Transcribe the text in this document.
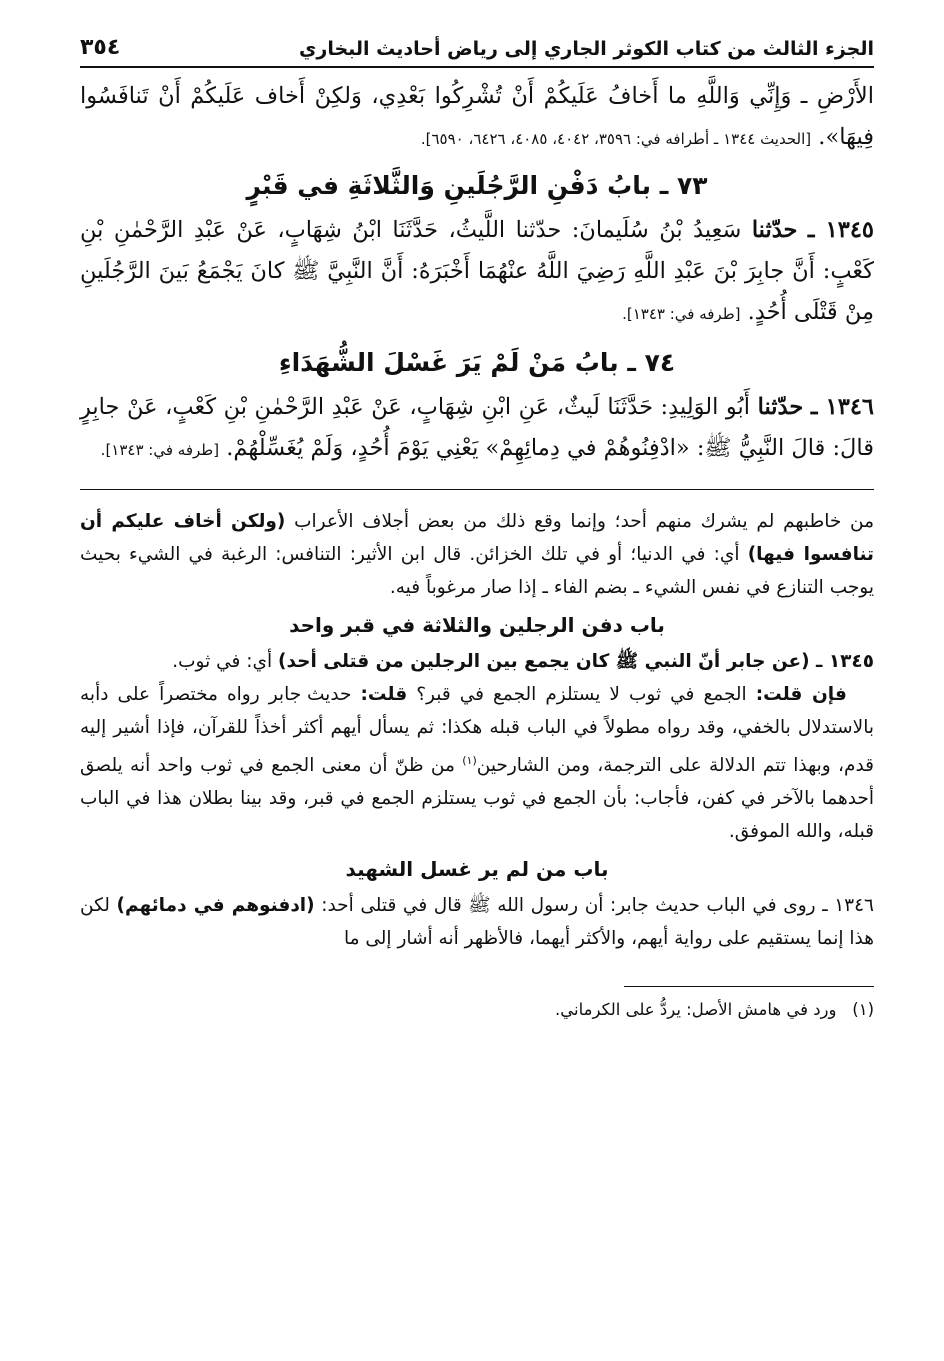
الجزء الثالث من كتاب الكوثر الجاري إلى رياض أحاديث البخاري
٣٥٤

الأَرْضِ ـ وَإِنِّي وَاللَّهِ ما أَخافُ عَلَيكُمْ أَنْ تُشْرِكُوا بَعْدِي، وَلكِنْ أَخاف عَلَيكُمْ أَنْ تَنافَسُوا فِيهَا». [الحديث ١٣٤٤ ـ أطرافه في: ٣٥٩٦، ٤٠٤٢، ٤٠٨٥، ٦٤٢٦، ٦٥٩٠].

٧٣ ـ بابُ دَفْنِ الرَّجُلَينِ وَالثَّلاثَةِ في قَبْرٍ

١٣٤٥ ـ حدّثنا سَعِيدُ بْنُ سُلَيمانَ: حدّثنا اللَّيثُ، حَدَّثَنَا ابْنُ شِهَابٍ، عَنْ عَبْدِ الرَّحْمٰنِ بْنِ كَعْبٍ: أَنَّ جابِرَ بْنَ عَبْدِ اللَّهِ رَضِيَ اللَّهُ عنْهُمَا أَخْبَرَهُ: أَنَّ النَّبِيَّ ﷺ كانَ يَجْمَعُ بَينَ الرَّجُلَينِ مِنْ قَتْلَى أُحُدٍ. [طرفه في: ١٣٤٣].

٧٤ ـ بابُ مَنْ لَمْ يَرَ غَسْلَ الشُّهَدَاءِ

١٣٤٦ ـ حدّثنا أَبُو الوَلِيدِ: حَدَّثَنَا لَيثٌ، عَنِ ابْنِ شِهَابٍ، عَنْ عَبْدِ الرَّحْمٰنِ بْنِ كَعْبٍ، عَنْ جابِرٍ قالَ: قالَ النَّبِيُّ ﷺ: «ادْفِنُوهُمْ في دِمائِهِمْ» يَعْنِي يَوْمَ أُحُدٍ، وَلَمْ يُغَسِّلْهُمْ. [طرفه في: ١٣٤٣].

من خاطبهم لم يشرك منهم أحد؛ وإنما وقع ذلك من بعض أجلاف الأعراب (ولكن أخاف عليكم أن تنافسوا فيها) أي: في الدنيا؛ أو في تلك الخزائن. قال ابن الأثير: التنافس: الرغبة في الشيء بحيث يوجب التنازع في نفس الشيء ـ بضم الفاء ـ إذا صار مرغوباً فيه.

باب دفن الرجلين والثلاثة في قبر واحد

١٣٤٥ ـ (عن جابر أنّ النبي ﷺ كان يجمع بين الرجلين من قتلى أحد) أي: في ثوب.

فإن قلت: الجمع في ثوب لا يستلزم الجمع في قبر؟ قلت: حديث جابر رواه مختصراً على دأبه بالاستدلال بالخفي، وقد رواه مطولاً في الباب قبله هكذا: ثم يسأل أيهم أكثر أخذاً للقرآن، فإذا أشير إليه قدم، وبهذا تتم الدلالة على الترجمة، ومن الشارحين$^{(١)}$ من ظنّ أن معنى الجمع في ثوب واحد أنه يلصق أحدهما بالآخر في كفن، فأجاب: بأن الجمع في ثوب يستلزم الجمع في قبر، وقد بينا بطلان هذا في الباب قبله، والله الموفق.

باب من لم ير غسل الشهيد

١٣٤٦ ـ روى في الباب حديث جابر: أن رسول الله ﷺ قال في قتلى أحد: (ادفنوهم في دمائهم) لكن هذا إنما يستقيم على رواية أيهم، والأكثر أيهما، فالأظهر أنه أشار إلى ما

(١)   ورد في هامش الأصل: يردُّ على الكرماني.
